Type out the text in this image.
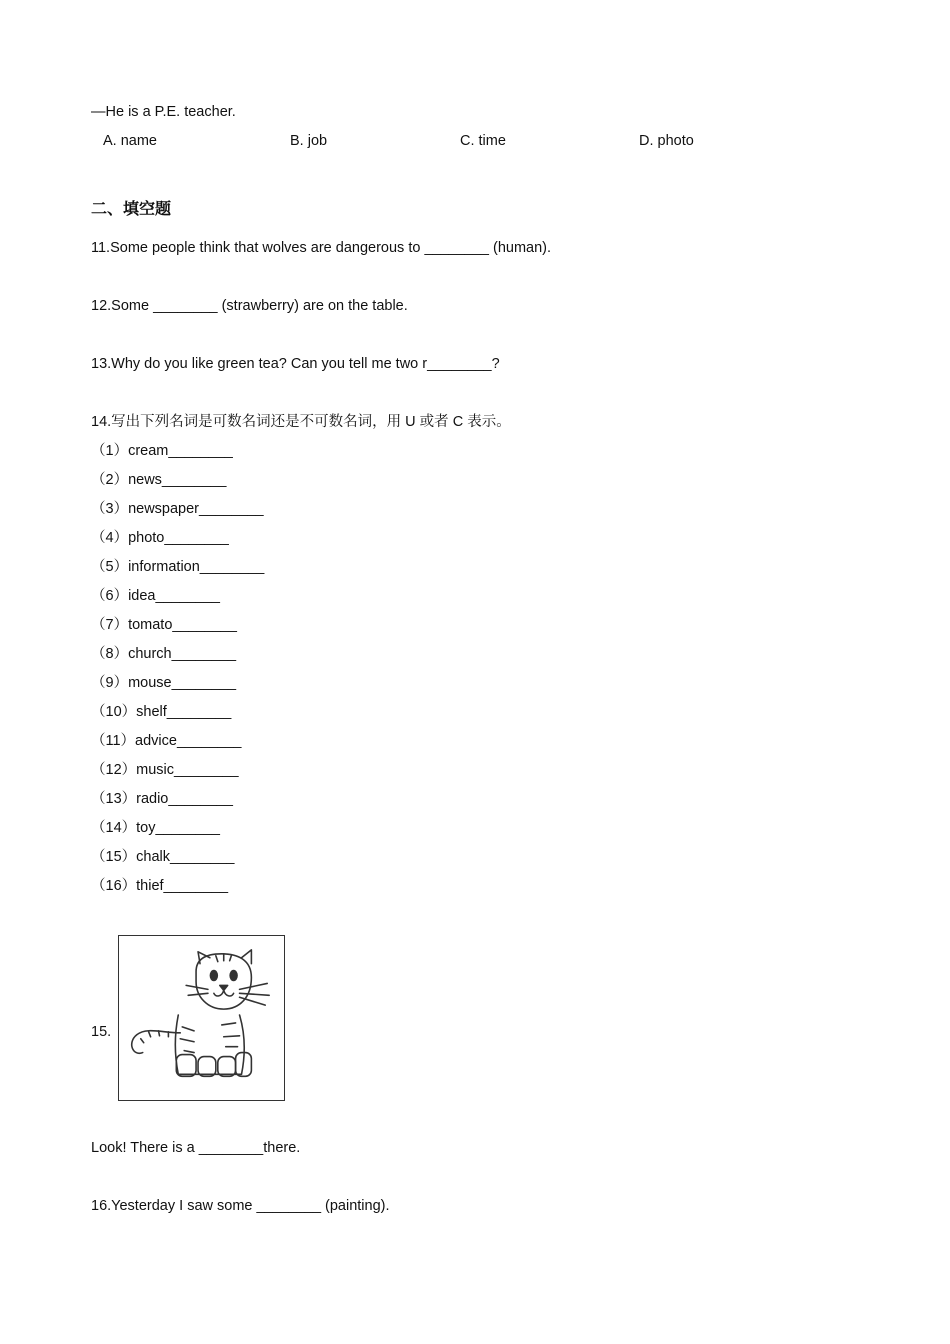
—He is a P.E. teacher.
A. name	B. job	C. time	D. photo
二、填空题
11.Some people think that wolves are dangerous to ________ (human).
12.Some ________ (strawberry) are on the table.
13.Why do you like green tea? Can you tell me two r________?
14.写出下列名词是可数名词还是不可数名词，用 U 或者 C 表示。
（1）cream________
（2）news________
（3）newspaper________
（4）photo________
（5）information________
（6）idea________
（7）tomato________
（8）church________
（9）mouse________
（10）shelf________
（11）advice________
（12）music________
（13）radio________
（14）toy________
（15）chalk________
（16）thief________
15.
Look! There is a ________there.
16.Yesterday I saw some ________ (painting).
